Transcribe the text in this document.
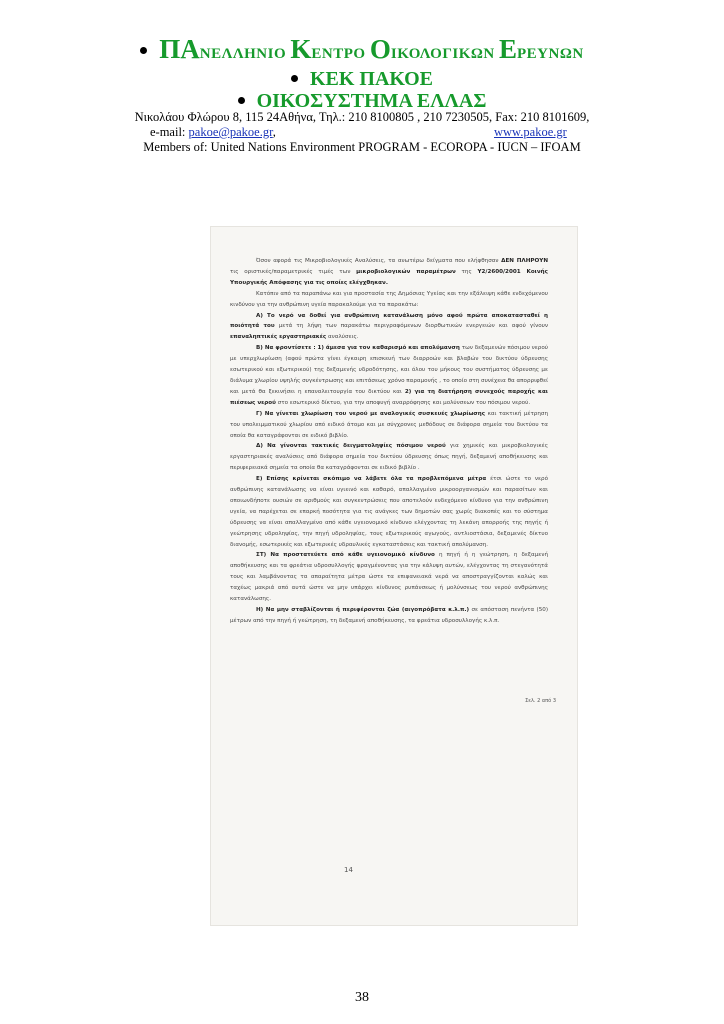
ΠΑΝΕΛΛΗΝΙΟ ΚΕΝΤΡΟ ΟΙΚΟΛΟΓΙΚΩΝ ΕΡΕΥΝΩΝ
ΚΕΚ ΠΑΚΟΕ
ΟΙΚΟΣΥΣΤΗΜΑ ΕΛΛΑΣ
Νικολάου Φλώρου 8, 115 24Αθήνα, Τηλ.: 210 8100805 , 210 7230505, Fax: 210 8101609,
e-mail: pakoe@pakoe.gr,	www.pakoe.gr
Members of: United Nations Environment PROGRAM - ECOROPA - IUCN – IFOAM

Όσον αφορά τις Μικροβιολογικές Αναλύσεις, τα ανωτέρω δείγματα που ελήφθησαν ΔΕΝ ΠΛΗΡΟΥΝ τις οριστικές/παραμετρικές τιμές των μικροβιολογικών παραμέτρων της Υ2/2600/2001 Κοινής Υπουργικής Απόφασης για τις οποίες ελέγχθηκαν.

Κατόπιν από τα παραπάνω και για προστασία της Δημόσιας Υγείας και την εξάλειψη κάθε ενδεχόμενου κινδύνου για την ανθρώπινη υγεία παρακαλούμε για τα παρακάτω:

Α) Το νερό να δοθεί για ανθρώπινη κατανάλωση μόνο αφού πρώτα αποκατασταθεί η ποιότητά του μετά τη λήψη των παρακάτω περιγραφόμενων διορθωτικών ενεργειών και αφού γίνουν επαναληπτικές εργαστηριακές αναλύσεις.

Β) Να φροντίσετε : 1) άμεσα για τον καθαρισμό και απολύμανση των δεξαμενών πόσιμου νερού με υπερχλωρίωση (αφού πρώτα γίνει έγκαιρη επισκευή των διαρροών και βλαβών του δικτύου ύδρευσης εσωτερικού και εξωτερικού) της δεξαμενής υδροδότησης, και όλου του μήκους του συστήματος ύδρευσης με διάλυμα χλωρίου υψηλής συγκέντρωσης και επιτάσεως χρόνο παραμονής , το οποίο στη συνέχεια θα απορριφθεί και μετά θα ξεκινήσει η επαναλειτουργία του δικτύου και 2) για τη διατήρηση συνεχούς παροχής και πιέσεως νερού στο εσωτερικό δίκτυο, για την αποφυγή αναρρόφησης και μολύνσεων του πόσιμου νερού.

Γ) Να γίνεται χλωρίωση του νερού με αναλογικές συσκευές χλωρίωσης και τακτική μέτρηση του υπολειμματικού χλωρίου από ειδικό άτομο και με σύγχρονες μεθόδους σε διάφορα σημεία του δικτύου τα οποία θα καταγράφονται σε ειδικό βιβλίο.

Δ) Να γίνονται τακτικές δειγματοληψίες πόσιμου νερού για χημικές και μικροβιολογικές εργαστηριακές αναλύσεις από διάφορα σημεία του δικτύου ύδρευσης όπως πηγή, δεξαμενή αποθήκευσης και περιφερειακά σημεία τα οποία θα καταγράφονται σε ειδικό βιβλίο .

Ε) Επίσης κρίνεται σκόπιμο να λάβετε όλα τα προβλεπόμενα μέτρα έτσι ώστε το νερό ανθρώπινης κατανάλωσης να είναι υγιεινό και καθαρό, απαλλαγμένο μικροοργανισμών και παρασίτων και οποιωνδήποτε ουσιών σε αριθμούς και συγκεντρώσεις που αποτελούν ενδεχόμενο κίνδυνο για την ανθρώπινη υγεία, να παρέχεται σε επαρκή ποσότητα για τις ανάγκες των δημοτών σας χωρίς διακοπές και το σύστημα ύδρευσης να είναι απαλλαγμένο από κάθε υγειονομικό κίνδυνο ελέγχοντας τη λεκάνη απορροής της πηγής ή γεώτρησης υδροληψίας, την πηγή υδροληψίας, τους εξωτερικούς αγωγούς, αντλιοστάσια, δεξαμενές δίκτυο διανομής, εσωτερικές και εξωτερικές υδραυλικές εγκαταστάσεις και τακτική απολύμανση.

ΣΤ) Να προστατεύετε από κάθε υγειονομικό κίνδυνο η πηγή ή η γεώτρηση, η δεξαμενή αποθήκευσης και τα φρεάτια υδροσυλλογής φραγμένοντας για την κάλυψη αυτών, ελέγχοντας τη στεγανότητά τους και λαμβάνοντας τα απαραίτητα μέτρα ώστε τα επιφανειακά νερά να αποστραγγίζονται καλώς και ταχέως μακριά από αυτά ώστε να μην υπάρχει κίνδυνος ρυπάνσεως ή μολύνσεως του νερού ανθρώπινης κατανάλωσης.

Η) Να μην σταβλίζονται ή περιφέρονται ζώα (αιγοπρόβατα κ.λ.π.) σε απόσταση πενήντα (50) μέτρων από την πηγή ή γεώτρηση, τη δεξαμενή αποθήκευσης, τα φρεάτια υδροσυλλογής κ.λ.π.

Σελ. 2 από 3
14
38
